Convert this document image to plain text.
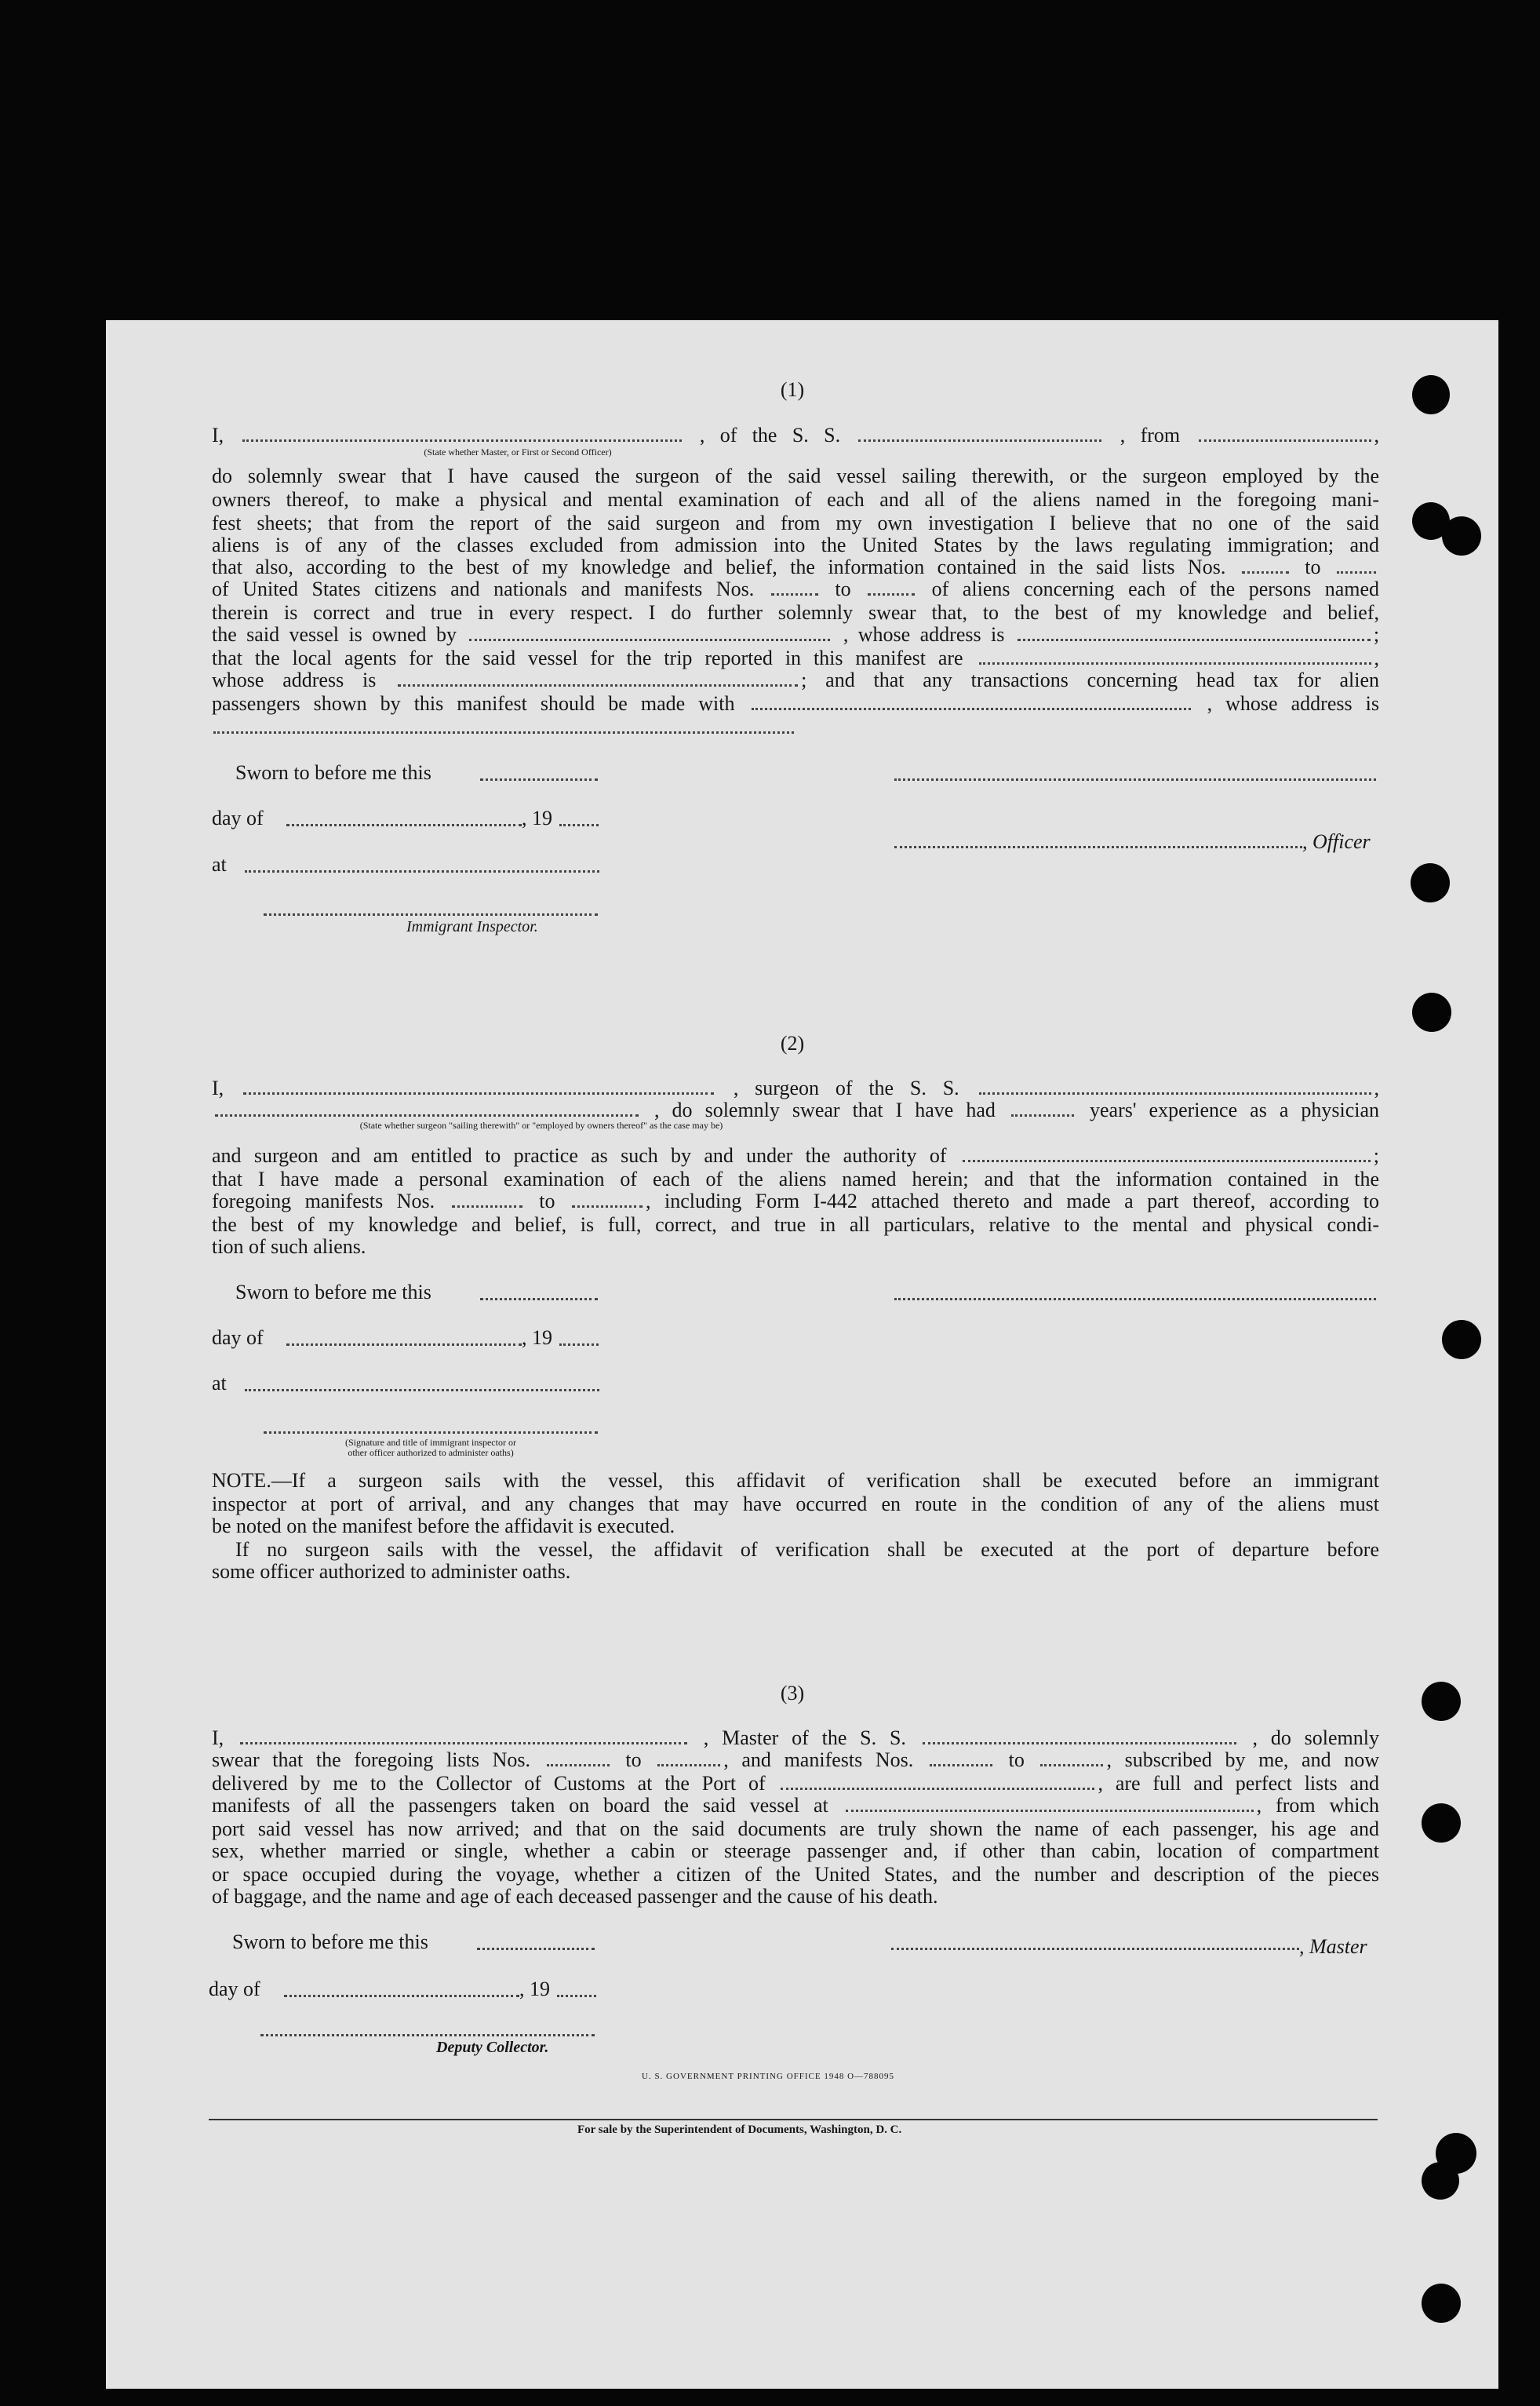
(1)
I,	, of the S. S.	, from	,
(State whether Master, or First or Second Officer)
do solemnly swear that I have caused the surgeon of the said vessel sailing therewith, or the surgeon employed by the
owners thereof, to make a physical and mental examination of each and all of the aliens named in the foregoing mani-
fest sheets; that from the report of the said surgeon and from my own investigation I believe that no one of the said
aliens is of any of the classes excluded from admission into the United States by the laws regulating immigration; and
that also, according to the best of my knowledge and belief, the information contained in the said lists Nos.	to
of United States citizens and nationals and manifests Nos.	to	of aliens concerning each of the persons named
therein is correct and true in every respect. I do further solemnly swear that, to the best of my knowledge and belief,
the said vessel is owned by	, whose address is	;
that the local agents for the said vessel for the trip reported in this manifest are	,
whose address is	; and that any transactions concerning head tax for alien
passengers shown by this manifest should be made with	, whose address is
Sworn to before me this
day of	, 19
, Officer
at
Immigrant Inspector.
(2)
I,	, surgeon of the S. S.	,
, do solemnly swear that I have had	years' experience as a physician
(State whether surgeon "sailing therewith" or "employed by owners thereof" as the case may be)
and surgeon and am entitled to practice as such by and under the authority of	;
that I have made a personal examination of each of the aliens named herein; and that the information contained in the
foregoing manifests Nos.	to	, including Form I-442 attached thereto and made a part thereof, according to
the best of my knowledge and belief, is full, correct, and true in all particulars, relative to the mental and physical condi-
tion of such aliens.
Sworn to before me this
day of	, 19
at
(Signature and title of immigrant inspector or
other officer authorized to administer oaths)
NOTE.—If a surgeon sails with the vessel, this affidavit of verification shall be executed before an immigrant
inspector at port of arrival, and any changes that may have occurred en route in the condition of any of the aliens must
be noted on the manifest before the affidavit is executed.
If no surgeon sails with the vessel, the affidavit of verification shall be executed at the port of departure before
some officer authorized to administer oaths.
(3)
I,	, Master of the S. S.	, do solemnly
swear that the foregoing lists Nos.	to	, and manifests Nos.	to	, subscribed by me, and now
delivered by me to the Collector of Customs at the Port of	, are full and perfect lists and
manifests of all the passengers taken on board the said vessel at	, from which
port said vessel has now arrived; and that on the said documents are truly shown the name of each passenger, his age and
sex, whether married or single, whether a cabin or steerage passenger and, if other than cabin, location of compartment
or space occupied during the voyage, whether a citizen of the United States, and the number and description of the pieces
of baggage, and the name and age of each deceased passenger and the cause of his death.
Sworn to before me this	, Master
day of	, 19
Deputy Collector.
U. S. GOVERNMENT PRINTING OFFICE 1948 O—788095
For sale by the Superintendent of Documents, Washington, D. C.
